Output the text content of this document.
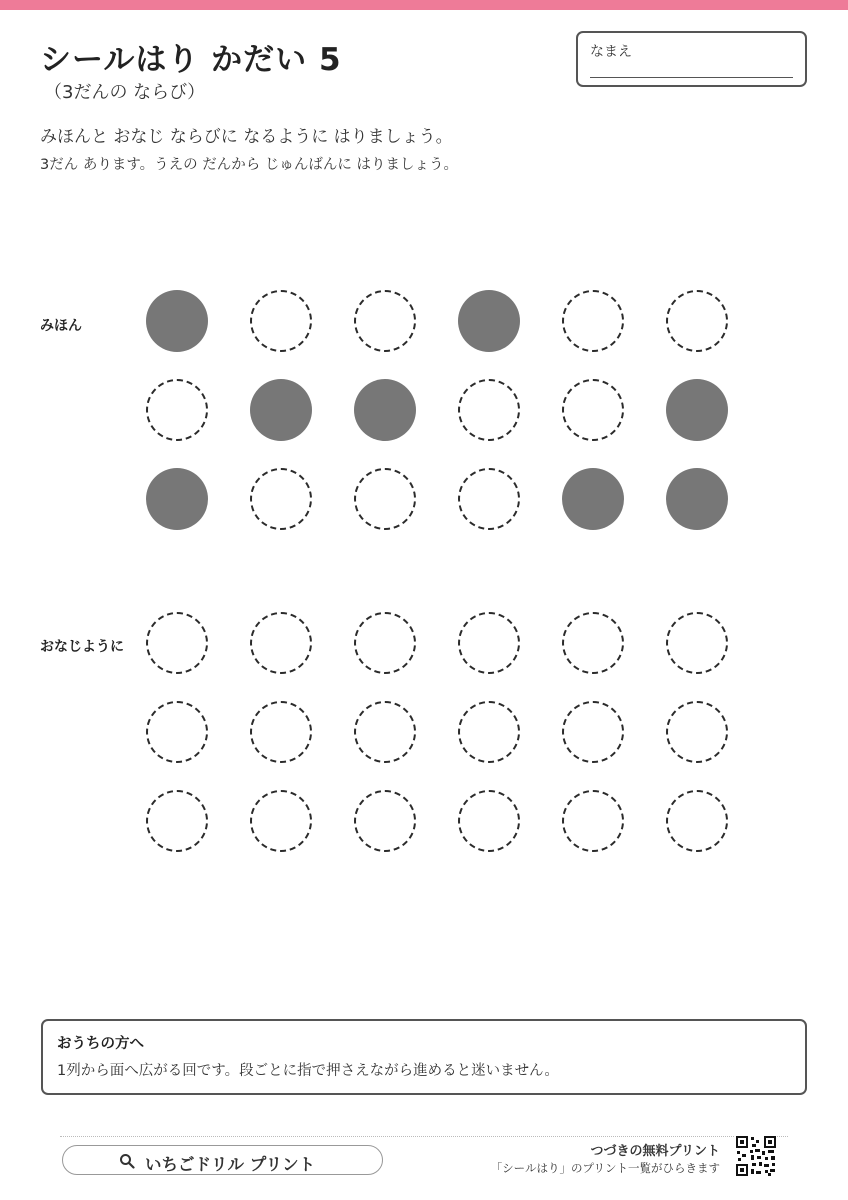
シールはり かだい 5
（3だんの ならび）
なまえ

みほんと おなじ ならびに なるように はりましょう。

3だん あります。うえの だんから じゅんばんに はりましょう。

みほん
おなじように
おうちの方へ
1列から面へ広がる回です。段ごとに指で押さえながら進めると迷いません。
いちごドリル プリント
つづきの無料プリント
「シールはり」のプリント一覧がひらきます
